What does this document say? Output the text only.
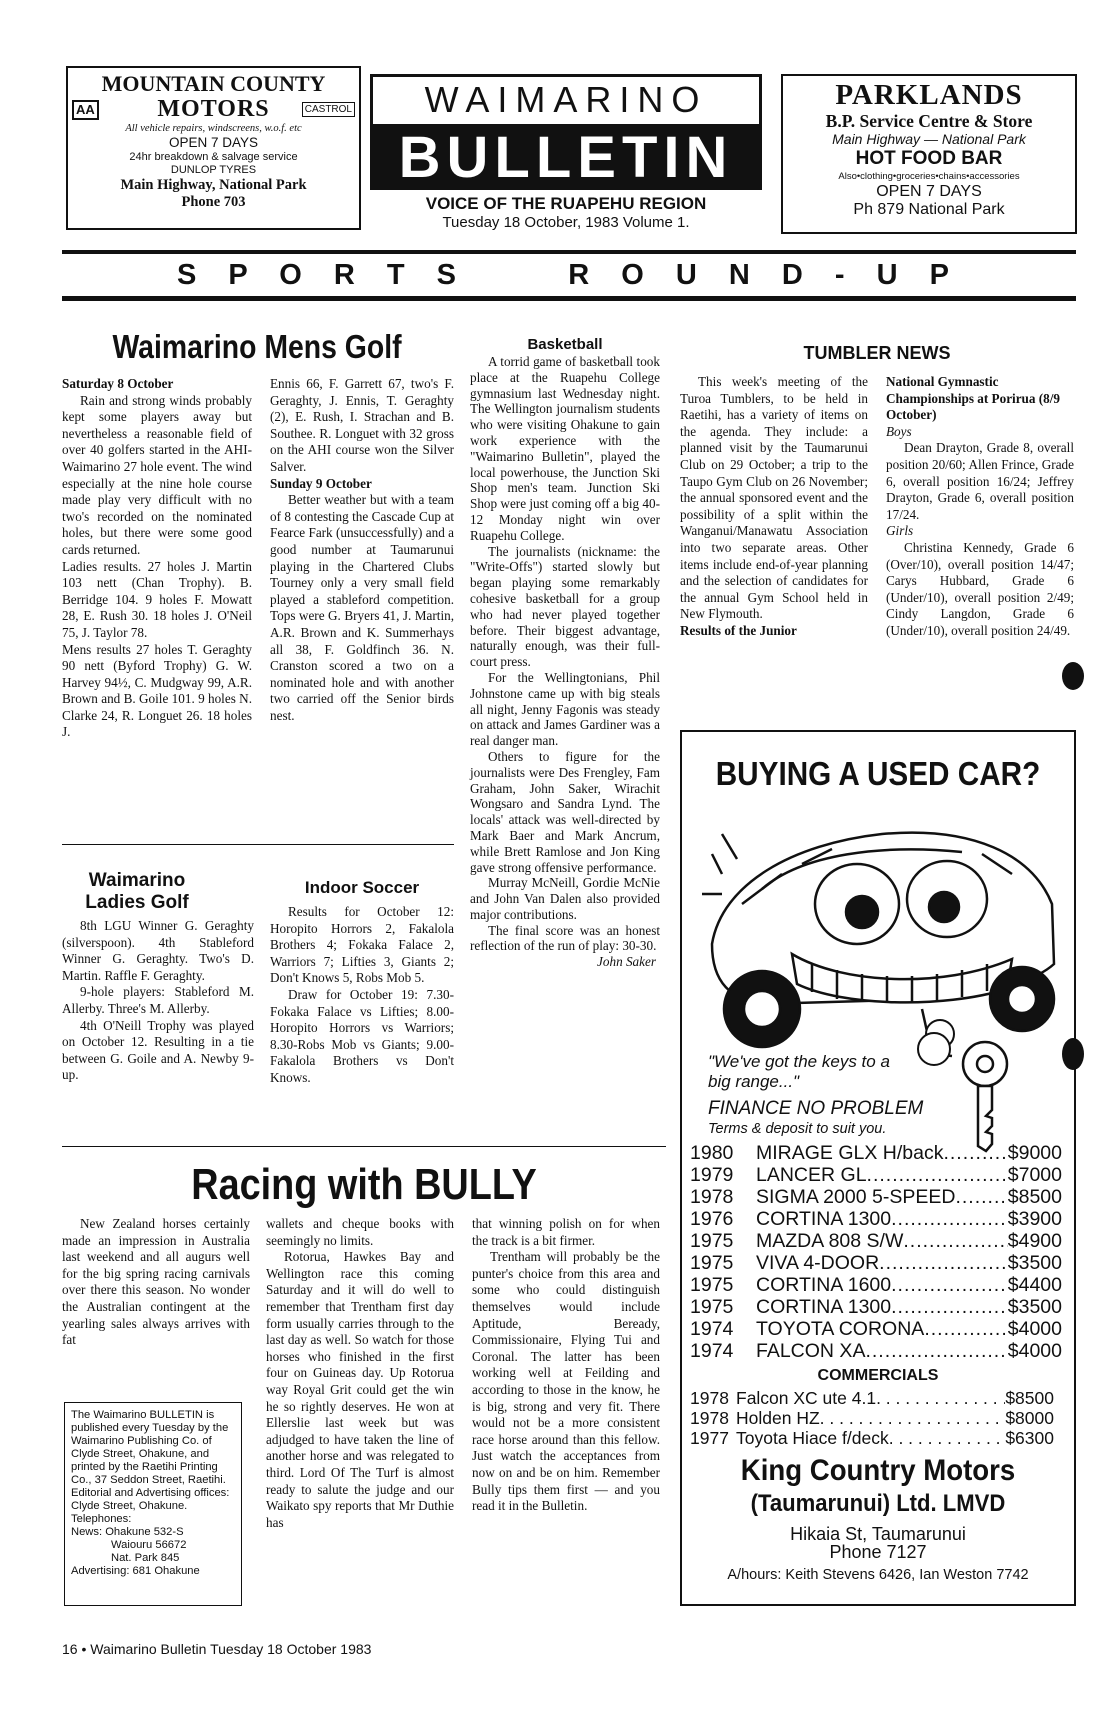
MOUNTAIN COUNTY
AA	MOTORS	CASTROL
All vehicle repairs, windscreens, w.o.f. etc
OPEN 7 DAYS
24hr breakdown & salvage service
DUNLOP TYRES
Main Highway, National Park
Phone 703
WAIMARINO
BULLETIN
VOICE OF THE RUAPEHU REGION
Tuesday 18 October, 1983 Volume 1.
PARKLANDS
B.P. Service Centre & Store
Main Highway — National Park
HOT FOOD BAR
Also•clothing•groceries•chains•accessories
OPEN 7 DAYS
Ph 879 National Park
S P O R T S     R O U N D - U P
Waimarino Mens Golf

Saturday 8 October

Rain and strong winds probably kept some players away but nevertheless a reasonable field of over 40 golfers started in the AHI-Waimarino 27 hole event. The wind especially at the nine hole course made play very difficult with no two's recorded on the nominated holes, but there were some good cards returned.

Ladies results. 27 holes J. Martin 103 nett (Chan Trophy). B. Berridge 104. 9 holes F. Mowatt 28, E. Rush 30. 18 holes J. O'Neil 75, J. Taylor 78.

Mens results 27 holes T. Geraghty 90 nett (Byford Trophy) G. W. Harvey 94½, C. Mudgway 99, A.R. Brown and B. Goile 101. 9 holes N. Clarke 24, R. Longuet 26. 18 holes J.

Ennis 66, F. Garrett 67, two's F. Geraghty, J. Ennis, T. Geraghty (2), E. Rush, I. Strachan and B. Southee. R. Longuet with 32 gross on the AHI course won the Silver Salver.

Sunday 9 October

Better weather but with a team of 8 contesting the Cascade Cup at Fearce Fark (unsuccessfully) and a good number at Taumarunui playing in the Chartered Clubs Tourney only a very small field played a stableford competition. Tops were G. Bryers 41, J. Martin, A.R. Brown and K. Summerhays all 38, F. Goldfinch 36. N. Cranston scored a two on a nominated hole and with another two carried off the Senior birds nest.

Waimarino Ladies Golf

8th LGU Winner G. Geraghty (silverspoon). 4th Stableford Winner G. Geraghty. Two's D. Martin. Raffle F. Geraghty.

9-hole players: Stableford M. Allerby. Three's M. Allerby.

4th O'Neill Trophy was played on October 12. Resulting in a tie between G. Goile and A. Newby 9-up.

Indoor Soccer

Results for October 12: Horopito Horrors 2, Fakalola Brothers 4; Fokaka Falace 2, Warriors 7; Lifties 3, Giants 2; Don't Knows 5, Robs Mob 5.

Draw for October 19: 7.30- Fokaka Falace vs Lifties; 8.00- Horopito Horrors vs Warriors; 8.30-Robs Mob vs Giants; 9.00-Fakalola Brothers vs Don't Knows.

Basketball

A torrid game of basketball took place at the Ruapehu College gymnasium last Wednesday night. The Wellington journalism students who were visiting Ohakune to gain work experience with the "Waimarino Bulletin", played the local powerhouse, the Junction Ski Shop men's team. Junction Ski Shop were just coming off a big 40-12 Monday night win over Ruapehu College.

The journalists (nickname: the "Write-Offs") started slowly but began playing some remarkably cohesive basketball for a group who had never played together before. Their biggest advantage, naturally enough, was their full-court press.

For the Wellingtonians, Phil Johnstone came up with big steals all night, Jenny Fagonis was steady on attack and James Gardiner was a real danger man.

Others to figure for the journalists were Des Frengley, Fam Graham, John Saker, Wirachit Wongsaro and Sandra Lynd. The locals' attack was well-directed by Mark Baer and Mark Ancrum, while Brett Ramlose and Jon King gave strong offensive performance.

Murray McNeill, Gordie McNie and John Van Dalen also provided major contributions.

The final score was an honest reflection of the run of play: 30-30.

John Saker
TUMBLER NEWS

This week's meeting of the Turoa Tumblers, to be held in Raetihi, has a variety of items on the agenda. They include: a planned visit by the Taumarunui Club on 29 October; a trip to the Taupo Gym Club on 26 November; the annual sponsored event and the possibility of a split within the Wanganui/Manawatu Association into two separate areas. Other items include end-of-year planning and the selection of candidates for the annual Gym School held in New Flymouth.

Results of the Junior

National Gymnastic Championships at Porirua (8/9 October)

Boys

Dean Drayton, Grade 8, overall position 20/60; Allen Frince, Grade 6, overall position 16/24; Jeffrey Drayton, Grade 6, overall position 17/24.

Girls

Christina Kennedy, Grade 6 (Over/10), overall position 14/47; Carys Hubbard, Grade 6 (Under/10), overall position 2/49; Cindy Langdon, Grade 6 (Under/10), overall position 24/49.

BUYING A USED CAR?
"We've got the keys to a big range..."
FINANCE NO PROBLEM
Terms & deposit to suit you.
1980	MIRAGE GLX H/back .....	$9000
1979	LANCER GL .....	$7000
1978	SIGMA 2000 5-SPEED .....	$8500
1976	CORTINA 1300 .....	$3900
1975	MAZDA 808 S/W .....	$4900
1975	VIVA 4-DOOR .....	$3500
1975	CORTINA 1600 .....	$4400
1975	CORTINA 1300 .....	$3500
1974	TOYOTA CORONA .....	$4000
1974	FALCON XA .....	$4000
COMMERCIALS
1978 Falcon XC ute 4.1 . . .	$8500
1978 Holden HZ . . .	$8000
1977 Toyota Hiace f/deck . . .	$6300
King Country Motors
(Taumarunui) Ltd. LMVD
Hikaia St, Taumarunui
Phone 7127
A/hours: Keith Stevens 6426, Ian Weston 7742
Racing with BULLY

New Zealand horses certainly made an impression in Australia last weekend and all augurs well for the big spring racing carnivals over there this season. No wonder the Australian contingent at the yearling sales always arrives with fat

wallets and cheque books with seemingly no limits.

Rotorua, Hawkes Bay and Wellington race this coming Saturday and it will do well to remember that Trentham first day form usually carries through to the last day as well. So watch for those horses who finished in the first four on Guineas day. Up Rotorua way Royal Grit could get the win he so rightly deserves. He won at Ellerslie last week but was adjudged to have taken the line of another horse and was relegated to third. Lord Of The Turf is almost ready to salute the judge and our Waikato spy reports that Mr Duthie has

that winning polish on for when the track is a bit firmer.

Trentham will probably be the punter's choice from this area and some who could distinguish themselves would include Aptitude, Beready, Commissionaire, Flying Tui and Coronal. The latter has been working well at Feilding and according to those in the know, he is big, strong and very fit. There would not be a more consistent race horse around than this fellow. Just watch the acceptances from now on and be on him. Remember Bully tips them first — and you read it in the Bulletin.

The Waimarino BULLETIN is published every Tuesday by the Waimarino Publishing Co. of Clyde Street, Ohakune, and printed by the Raetihi Printing Co., 37 Seddon Street, Raetihi. Editorial and Advertising offices:
Clyde Street, Ohakune.
Telephones:
News: Ohakune 532-S
Waiouru 56672
Nat. Park 845
Advertising: 681 Ohakune
16 • Waimarino Bulletin Tuesday 18 October 1983
